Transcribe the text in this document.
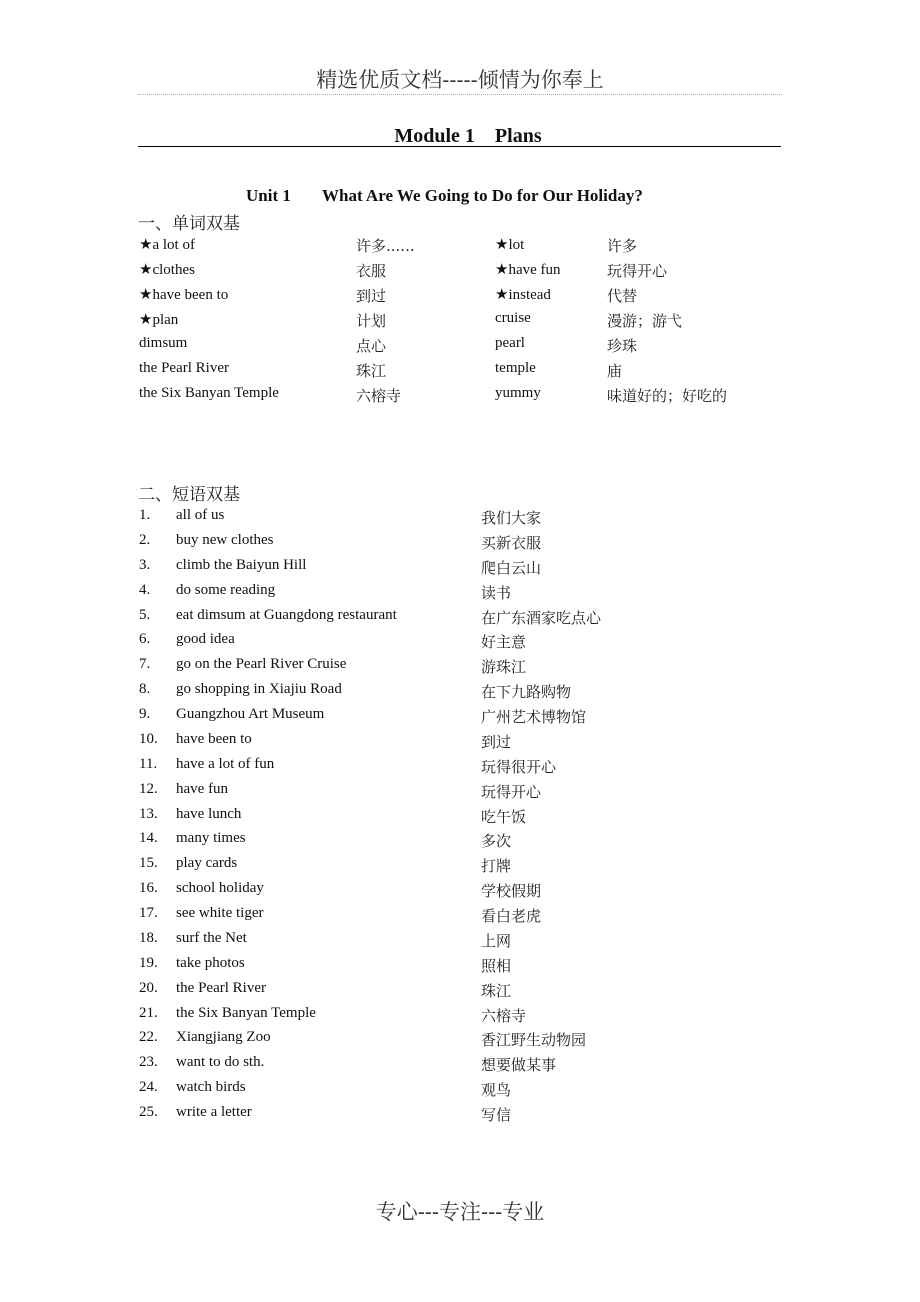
精选优质文档-----倾情为你奉上
Module 1    Plans
Unit 1 What Are We Going to Do for Our Holiday?
一、单词双基
★a lot of	许多......	★lot	许多
★clothes	衣服	★have fun	玩得开心
★have been to	到过	★instead	代替
★plan	计划	cruise	漫游；游弋
dimsum	点心	pearl	珍珠
the Pearl River	珠江	temple	庙
the Six Banyan Temple	六榕寺	yummy	味道好的；好吃的
二、短语双基
1. all of us	我们大家
2. buy new clothes	买新衣服
3. climb the Baiyun Hill	爬白云山
4. do some reading	读书
5. eat dimsum at Guangdong restaurant	在广东酒家吃点心
6. good idea	好主意
7. go on the Pearl River Cruise	游珠江
8. go shopping in Xiajiu Road	在下九路购物
9. Guangzhou Art Museum	广州艺术博物馆
10. have been to	到过
11. have a lot of fun	玩得很开心
12. have fun	玩得开心
13. have lunch	吃午饭
14. many times	多次
15. play cards	打牌
16. school holiday	学校假期
17. see white tiger	看白老虎
18. surf the Net	上网
19. take photos	照相
20. the Pearl River	珠江
21. the Six Banyan Temple	六榕寺
22. Xiangjiang Zoo	香江野生动物园
23. want to do sth.	想要做某事
24. watch birds	观鸟
25. write a letter	写信
专心---专注---专业
